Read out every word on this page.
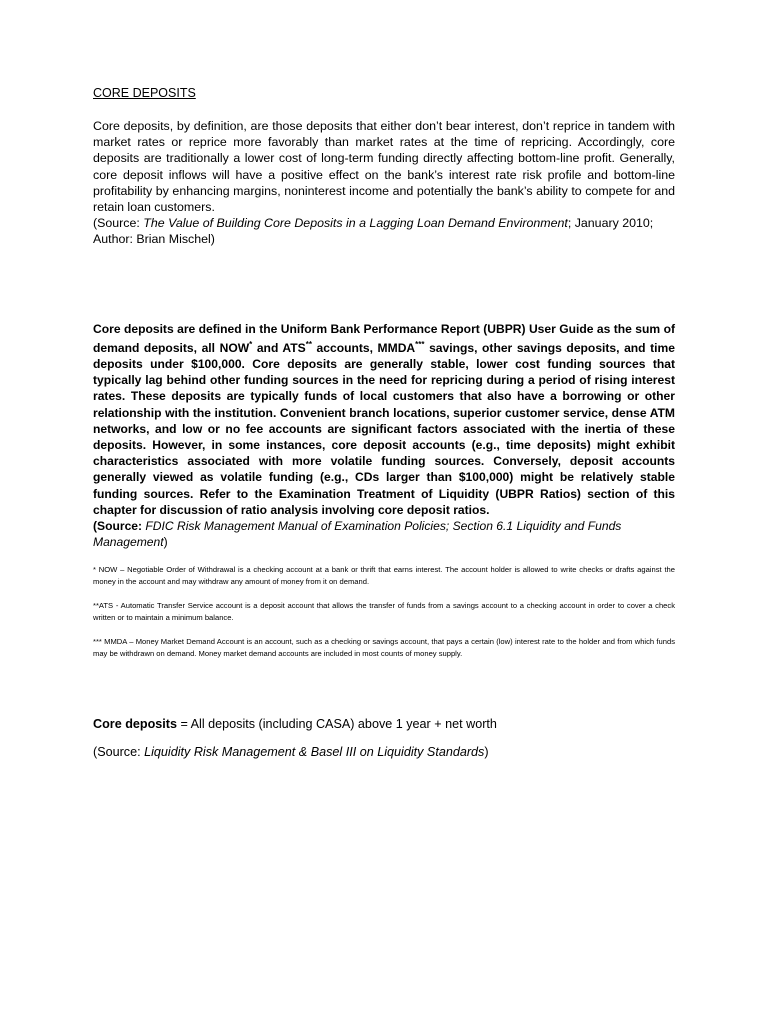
CORE DEPOSITS

Core deposits, by definition, are those deposits that either don’t bear interest, don’t reprice in tandem with market rates or reprice more favorably than market rates at the time of repricing. Accordingly, core deposits are traditionally a lower cost of long-term funding directly affecting bottom-line profit. Generally, core deposit inflows will have a positive effect on the bank’s interest rate risk profile and bottom-line profitability by enhancing margins, noninterest income and potentially the bank’s ability to compete for and retain loan customers.

(Source: The Value of Building Core Deposits in a Lagging Loan Demand Environment; January 2010; Author: Brian Mischel)

Core deposits are defined in the Uniform Bank Performance Report (UBPR) User Guide as the sum of demand deposits, all NOW* and ATS** accounts, MMDA*** savings, other savings deposits, and time deposits under $100,000. Core deposits are generally stable, lower cost funding sources that typically lag behind other funding sources in the need for repricing during a period of rising interest rates. These deposits are typically funds of local customers that also have a borrowing or other relationship with the institution. Convenient branch locations, superior customer service, dense ATM networks, and low or no fee accounts are significant factors associated with the inertia of these deposits. However, in some instances, core deposit accounts (e.g., time deposits) might exhibit characteristics associated with more volatile funding sources. Conversely, deposit accounts generally viewed as volatile funding (e.g., CDs larger than $100,000) might be relatively stable funding sources. Refer to the Examination Treatment of Liquidity (UBPR Ratios) section of this chapter for discussion of ratio analysis involving core deposit ratios.

(Source: FDIC Risk Management Manual of Examination Policies; Section 6.1 Liquidity and Funds Management)

* NOW – Negotiable Order of Withdrawal is a checking account at a bank or thrift that earns interest. The account holder is allowed to write checks or drafts against the money in the account and may withdraw any amount of money from it on demand.

**ATS - Automatic Transfer Service account is a deposit account that allows the transfer of funds from a savings account to a checking account in order to cover a check written or to maintain a minimum balance.

*** MMDA – Money Market Demand Account is an account, such as a checking or savings account, that pays a certain (low) interest rate to the holder and from which funds may be withdrawn on demand. Money market demand accounts are included in most counts of money supply.

Core deposits = All deposits (including CASA) above 1 year + net worth

(Source: Liquidity Risk Management & Basel III on Liquidity Standards)
